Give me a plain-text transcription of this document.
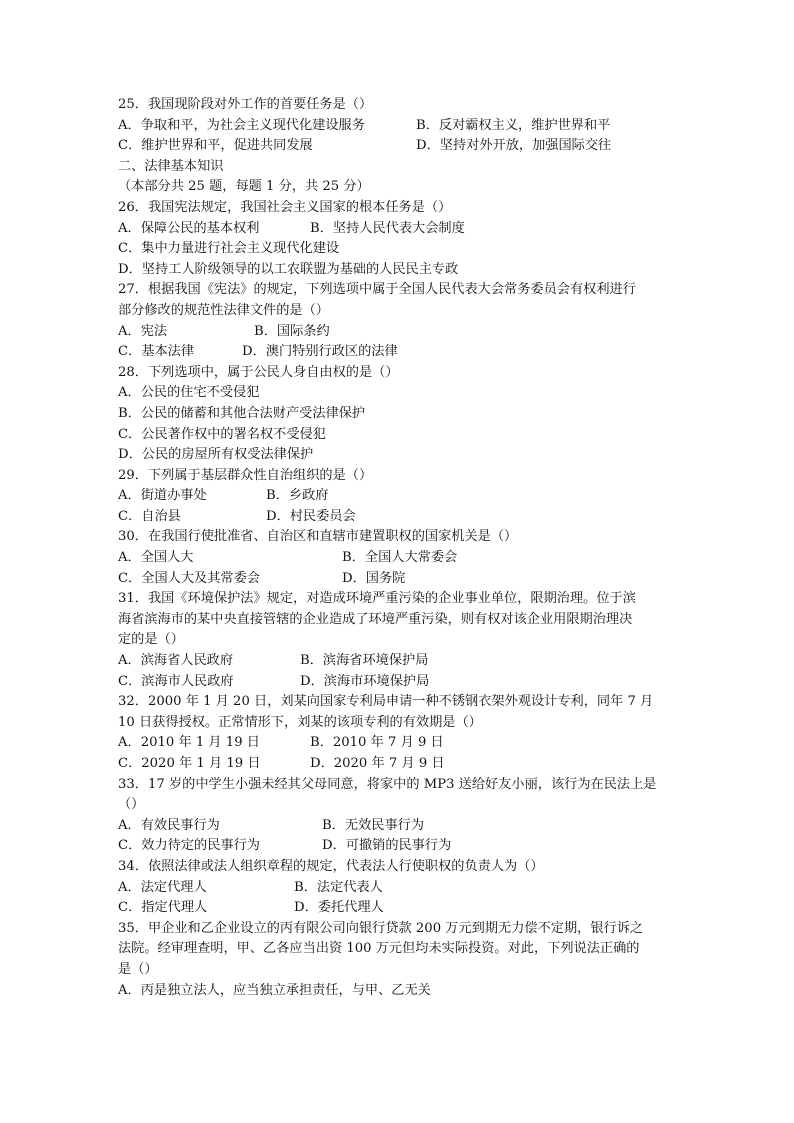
25．我国现阶段对外工作的首要任务是（）
A．争取和平，为社会主义现代化建设服务	B．反对霸权主义，维护世界和平
C．维护世界和平，促进共同发展	D．坚持对外开放，加强国际交往
二、法律基本知识
（本部分共 25 题，每题 1 分，共 25 分）
26．我国宪法规定，我国社会主义国家的根本任务是（）
A．保障公民的基本权利	B．坚持人民代表大会制度
C．集中力量进行社会主义现代化建设
D．坚持工人阶级领导的以工农联盟为基础的人民民主专政
27．根据我国《宪法》的规定，下列选项中属于全国人民代表大会常务委员会有权利进行
部分修改的规范性法律文件的是（）
A．宪法	B．国际条约
C．基本法律	D．澳门特别行政区的法律
28．下列选项中，属于公民人身自由权的是（）
A．公民的住宅不受侵犯
B．公民的储蓄和其他合法财产受法律保护
C．公民著作权中的署名权不受侵犯
D．公民的房屋所有权受法律保护
29．下列属于基层群众性自治组织的是（）
A．街道办事处	B．乡政府
C．自治县	D．村民委员会
30．在我国行使批准省、自治区和直辖市建置职权的国家机关是（）
A．全国人大	B．全国人大常委会
C．全国人大及其常委会	D．国务院
31．我国《环境保护法》规定，对造成环境严重污染的企业事业单位，限期治理。位于滨
海省滨海市的某中央直接管辖的企业造成了环境严重污染，则有权对该企业用限期治理决
定的是（）
A．滨海省人民政府	B．滨海省环境保护局
C．滨海市人民政府	D．滨海市环境保护局
32．2000 年 1 月 20 日，刘某向国家专利局申请一种不锈钢衣架外观设计专利，同年 7 月
10 日获得授权。正常情形下，刘某的该项专利的有效期是（）
A．2010 年 1 月 19 日	B．2010 年 7 月 9 日
C．2020 年 1 月 19 日	D．2020 年 7 月 9 日
33．17 岁的中学生小强未经其父母同意，将家中的 MP3 送给好友小丽，该行为在民法上是
（）
A．有效民事行为	B．无效民事行为
C．效力待定的民事行为	D．可撤销的民事行为
34．依照法律或法人组织章程的规定，代表法人行使职权的负责人为（）
A．法定代理人	B．法定代表人
C．指定代理人	D．委托代理人
35．甲企业和乙企业设立的丙有限公司向银行贷款 200 万元到期无力偿不定期，银行诉之
法院。经审理查明，甲、乙各应当出资 100 万元但均未实际投资。对此，下列说法正确的
是（）
A．丙是独立法人，应当独立承担责任，与甲、乙无关
